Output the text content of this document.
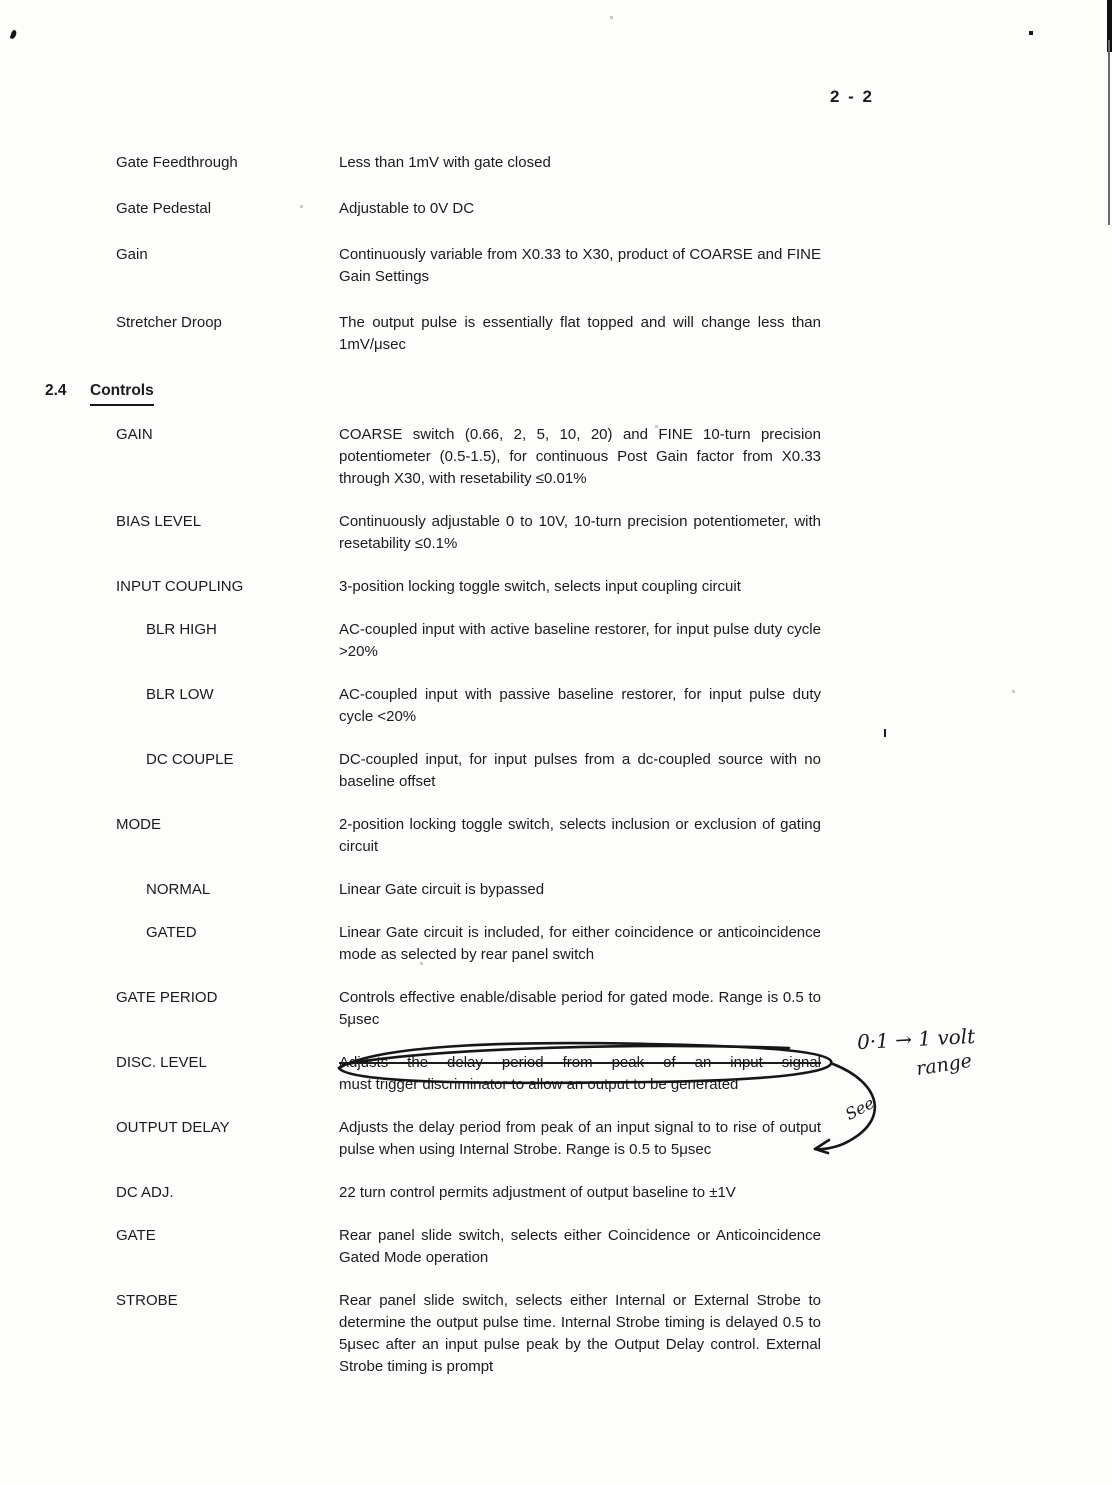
2 - 2
Gate Feedthrough	Less than 1mV with gate closed
Gate Pedestal	Adjustable to 0V DC
Gain	Continuously variable from X0.33 to X30, product of COARSE and FINE Gain Settings
Stretcher Droop	The output pulse is essentially flat topped and will change less than 1mV/μsec
2.4 Controls
GAIN	COARSE switch (0.66, 2, 5, 10, 20) and FINE 10-turn precision potentiometer (0.5-1.5), for continuous Post Gain factor from X0.33 through X30, with resetability ≤0.01%
BIAS LEVEL	Continuously adjustable 0 to 10V, 10-turn precision potentiometer, with resetability ≤0.1%
INPUT COUPLING	3-position locking toggle switch, selects input coupling circuit
BLR HIGH	AC-coupled input with active baseline restorer, for input pulse duty cycle >20%
BLR LOW	AC-coupled input with passive baseline restorer, for input pulse duty cycle <20%
DC COUPLE	DC-coupled input, for input pulses from a dc-coupled source with no baseline offset
MODE	2-position locking toggle switch, selects inclusion or exclusion of gating circuit
NORMAL	Linear Gate circuit is bypassed
GATED	Linear Gate circuit is included, for either coincidence or anticoincidence mode as selected by rear panel switch
GATE PERIOD	Controls effective enable/disable period for gated mode. Range is 0.5 to 5μsec
DISC. LEVEL	Adjusts the delay period from peak of an input signal
must trigger discriminator to allow an output to be generated
0·1 → 1 volt
range
See
OUTPUT DELAY	Adjusts the delay period from peak of an input signal to to rise of output pulse when using Internal Strobe. Range is 0.5 to 5μsec
DC ADJ.	22 turn control permits adjustment of output baseline to ±1V
GATE	Rear panel slide switch, selects either Coincidence or Anticoincidence Gated Mode operation
STROBE	Rear panel slide switch, selects either Internal or External Strobe to determine the output pulse time. Internal Strobe timing is delayed 0.5 to 5μsec after an input pulse peak by the Output Delay control. External Strobe timing is prompt
